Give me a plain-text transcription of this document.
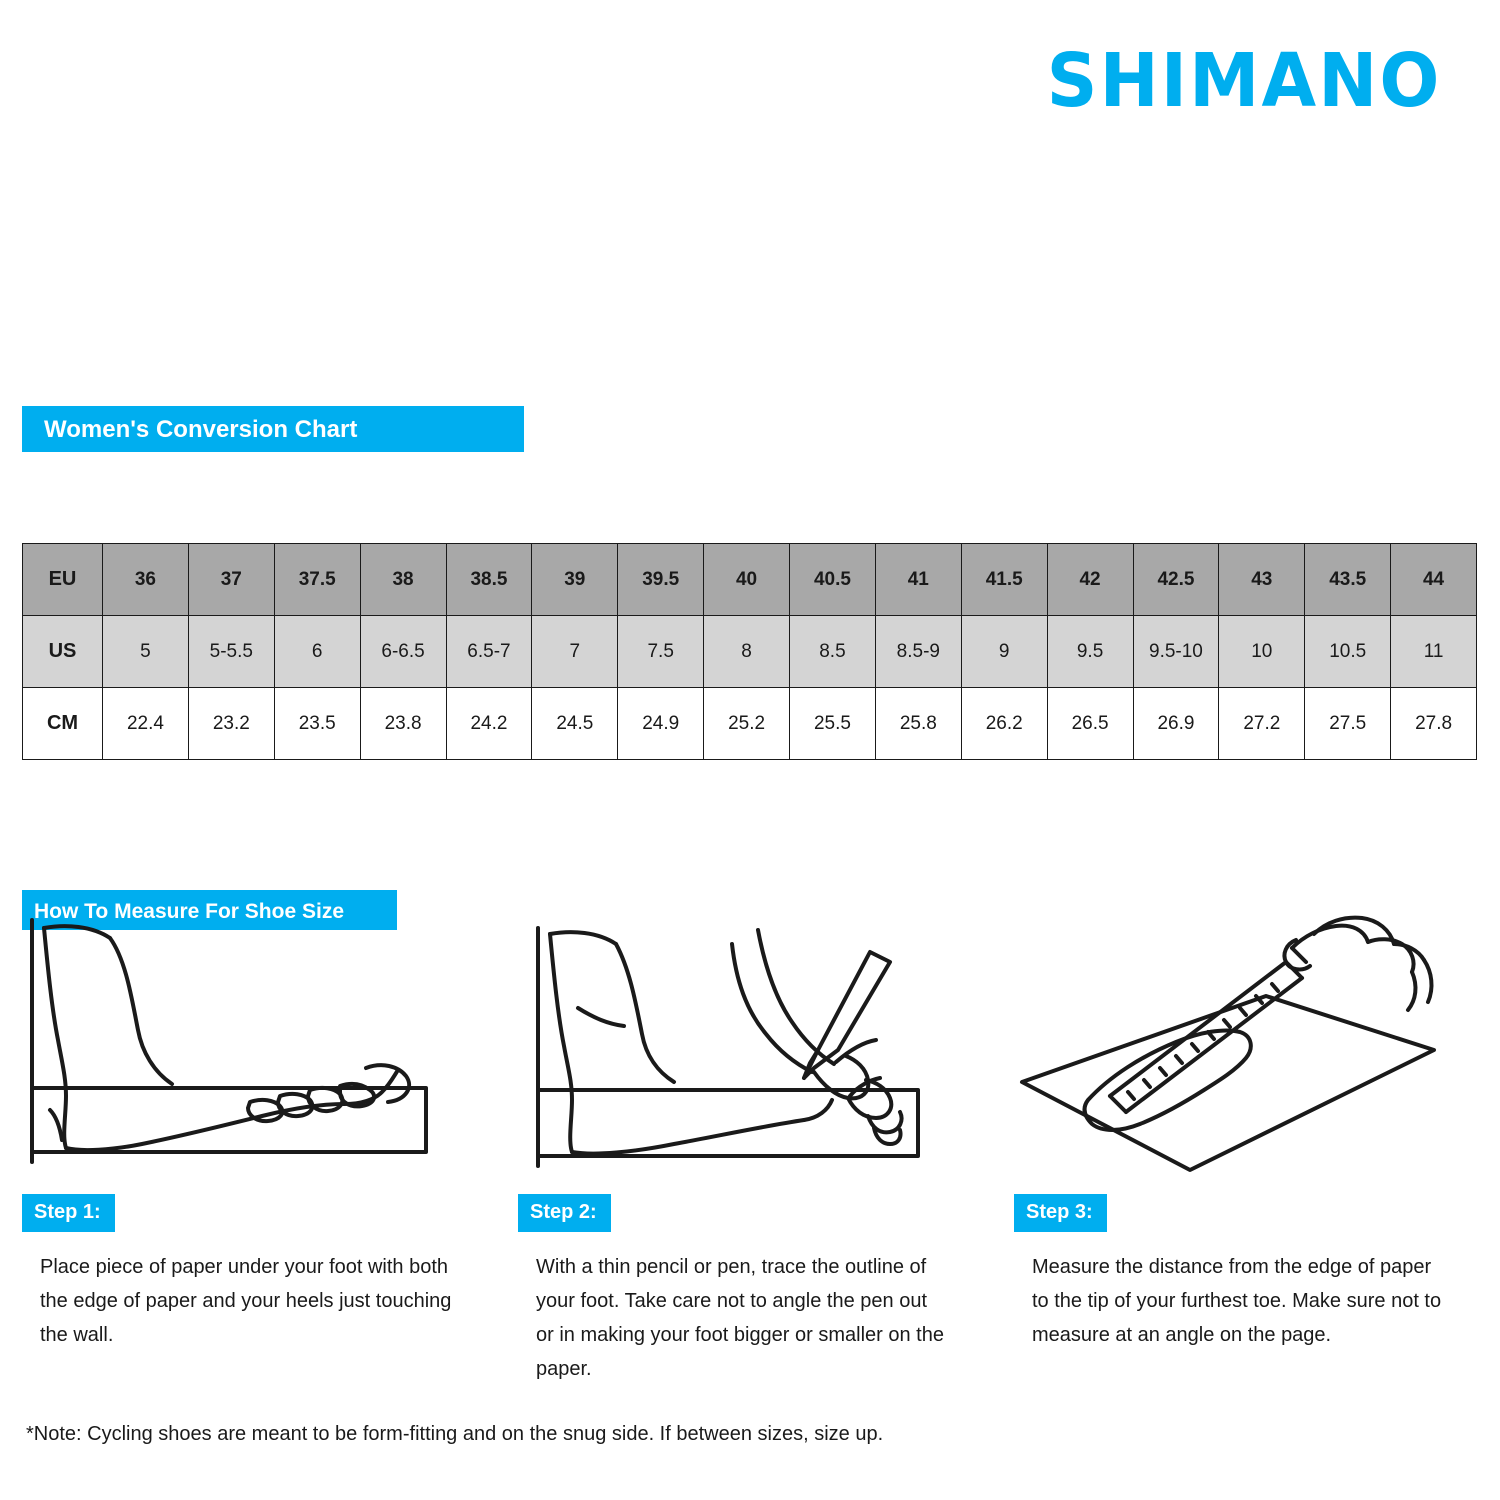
SHIMANO
Women's Conversion Chart
EU	36	37	37.5	38	38.5	39	39.5	40	40.5	41	41.5	42	42.5	43	43.5	44
US	5	5-5.5	6	6-6.5	6.5-7	7	7.5	8	8.5	8.5-9	9	9.5	9.5-10	10	10.5	11
CM	22.4	23.2	23.5	23.8	24.2	24.5	24.9	25.2	25.5	25.8	26.2	26.5	26.9	27.2	27.5	27.8
How To Measure For Shoe Size
Step 1:
Place piece of paper under your foot with both the edge of paper and your heels just touching the wall.
Step 2:
With a thin pencil or pen, trace the outline of your foot. Take care not to angle the pen out or in making your foot bigger or smaller on the paper.
Step 3:
Measure the distance from the edge of paper to the tip of your furthest toe. Make sure not to measure at an angle on the page.
*Note: Cycling shoes are meant to be form-fitting and on the snug side. If between sizes, size up.
